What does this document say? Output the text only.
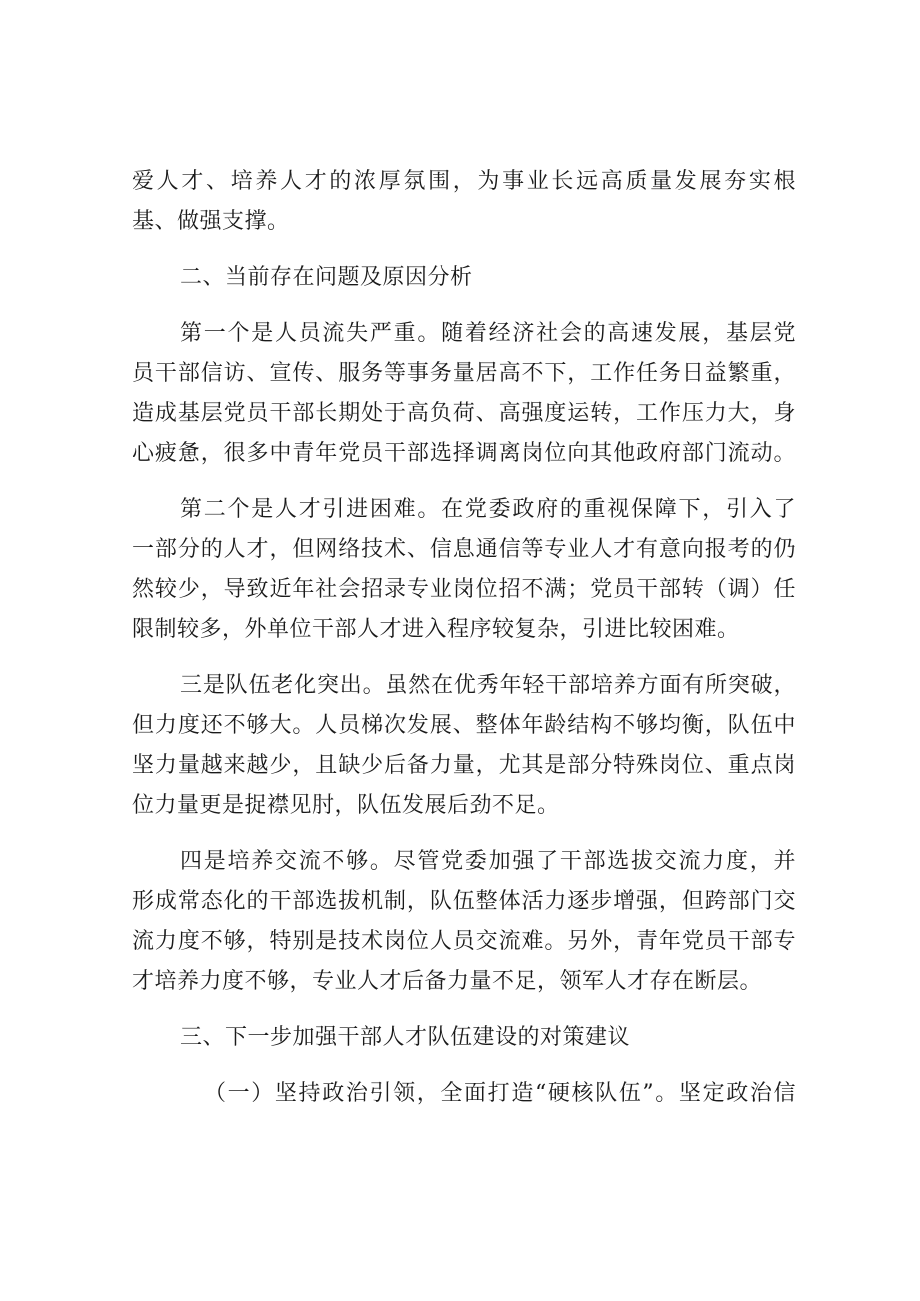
爱人才、培养人才的浓厚氛围，为事业长远高质量发展夯实根
基、做强支撑。
二、当前存在问题及原因分析
第一个是人员流失严重。随着经济社会的高速发展，基层党
员干部信访、宣传、服务等事务量居高不下，工作任务日益繁重，
造成基层党员干部长期处于高负荷、高强度运转，工作压力大，身
心疲惫，很多中青年党员干部选择调离岗位向其他政府部门流动。
第二个是人才引进困难。在党委政府的重视保障下，引入了
一部分的人才，但网络技术、信息通信等专业人才有意向报考的仍
然较少，导致近年社会招录专业岗位招不满；党员干部转（调）任
限制较多，外单位干部人才进入程序较复杂，引进比较困难。
三是队伍老化突出。虽然在优秀年轻干部培养方面有所突破，
但力度还不够大。人员梯次发展、整体年龄结构不够均衡，队伍中
坚力量越来越少，且缺少后备力量，尤其是部分特殊岗位、重点岗
位力量更是捉襟见肘，队伍发展后劲不足。
四是培养交流不够。尽管党委加强了干部选拔交流力度，并
形成常态化的干部选拔机制，队伍整体活力逐步增强，但跨部门交
流力度不够，特别是技术岗位人员交流难。另外，青年党员干部专
才培养力度不够，专业人才后备力量不足，领军人才存在断层。
三、下一步加强干部人才队伍建设的对策建议
（一）坚持政治引领，全面打造“硬核队伍”。坚定政治信
